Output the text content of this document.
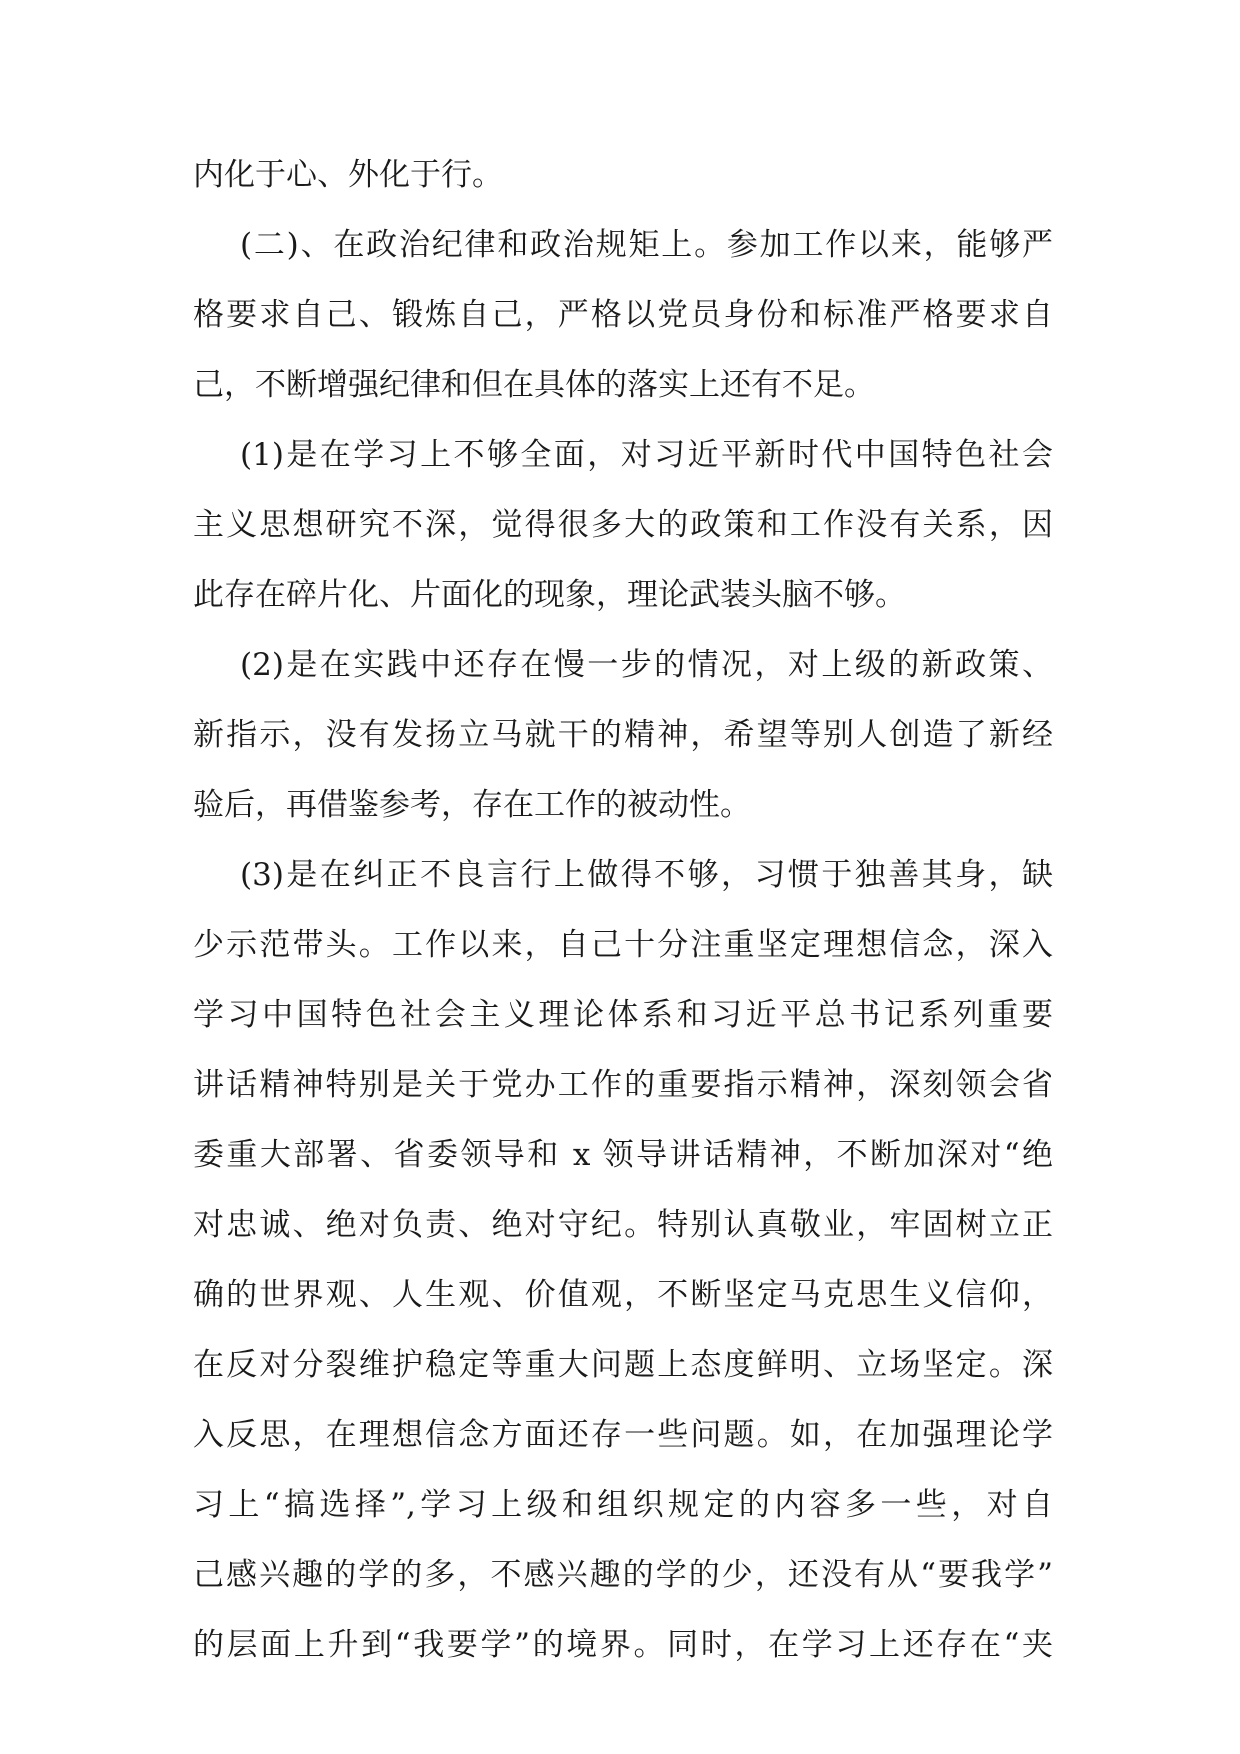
内化于心、外化于行。
(二)、在政治纪律和政治规矩上。参加工作以来，能够严
格要求自己、锻炼自己，严格以党员身份和标准严格要求自
己，不断增强纪律和但在具体的落实上还有不足。
(1)是在学习上不够全面，对习近平新时代中国特色社会
主义思想研究不深，觉得很多大的政策和工作没有关系，因
此存在碎片化、片面化的现象，理论武装头脑不够。
(2)是在实践中还存在慢一步的情况，对上级的新政策、
新指示，没有发扬立马就干的精神，希望等别人创造了新经
验后，再借鉴参考，存在工作的被动性。
(3)是在纠正不良言行上做得不够，习惯于独善其身，缺
少示范带头。工作以来，自己十分注重坚定理想信念，深入
学习中国特色社会主义理论体系和习近平总书记系列重要
讲话精神特别是关于党办工作的重要指示精神，深刻领会省
委重大部署、省委领导和 x 领导讲话精神，不断加深对“绝
对忠诚、绝对负责、绝对守纪。特别认真敬业，牢固树立正
确的世界观、人生观、价值观，不断坚定马克思生义信仰，
在反对分裂维护稳定等重大问题上态度鲜明、立场坚定。深
入反思，在理想信念方面还存一些问题。如，在加强理论学
习上“搞选择”,学习上级和组织规定的内容多一些，对自
己感兴趣的学的多，不感兴趣的学的少，还没有从“要我学”
的层面上升到“我要学”的境界。同时，在学习上还存在“夹
